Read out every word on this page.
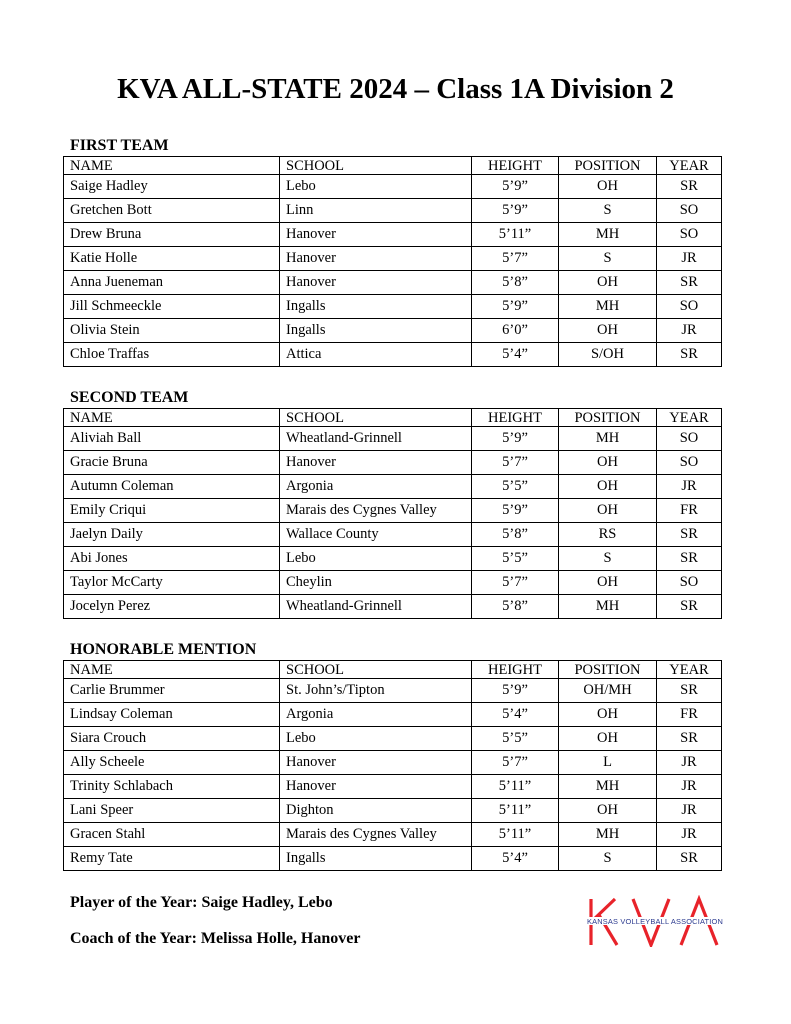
KVA ALL-STATE 2024 – Class 1A Division 2

FIRST TEAM

NAME	SCHOOL	HEIGHT	POSITION	YEAR
Saige Hadley	Lebo	5’9”	OH	SR
Gretchen Bott	Linn	5’9”	S	SO
Drew Bruna	Hanover	5’11”	MH	SO
Katie Holle	Hanover	5’7”	S	JR
Anna Jueneman	Hanover	5’8”	OH	SR
Jill Schmeeckle	Ingalls	5’9”	MH	SO
Olivia Stein	Ingalls	6’0”	OH	JR
Chloe Traffas	Attica	5’4”	S/OH	SR

SECOND TEAM

NAME	SCHOOL	HEIGHT	POSITION	YEAR
Aliviah Ball	Wheatland-Grinnell	5’9”	MH	SO
Gracie Bruna	Hanover	5’7”	OH	SO
Autumn Coleman	Argonia	5’5”	OH	JR
Emily Criqui	Marais des Cygnes Valley	5’9”	OH	FR
Jaelyn Daily	Wallace County	5’8”	RS	SR
Abi Jones	Lebo	5’5”	S	SR
Taylor McCarty	Cheylin	5’7”	OH	SO
Jocelyn Perez	Wheatland-Grinnell	5’8”	MH	SR

HONORABLE MENTION

NAME	SCHOOL	HEIGHT	POSITION	YEAR
Carlie Brummer	St. John’s/Tipton	5’9”	OH/MH	SR
Lindsay Coleman	Argonia	5’4”	OH	FR
Siara Crouch	Lebo	5’5”	OH	SR
Ally Scheele	Hanover	5’7”	L	JR
Trinity Schlabach	Hanover	5’11”	MH	JR
Lani Speer	Dighton	5’11”	OH	JR
Gracen Stahl	Marais des Cygnes Valley	5’11”	MH	JR
Remy Tate	Ingalls	5’4”	S	SR

Player of the Year: Saige Hadley, Lebo

Coach of the Year: Melissa Holle, Hanover

KANSAS VOLLEYBALL ASSOCIATION
